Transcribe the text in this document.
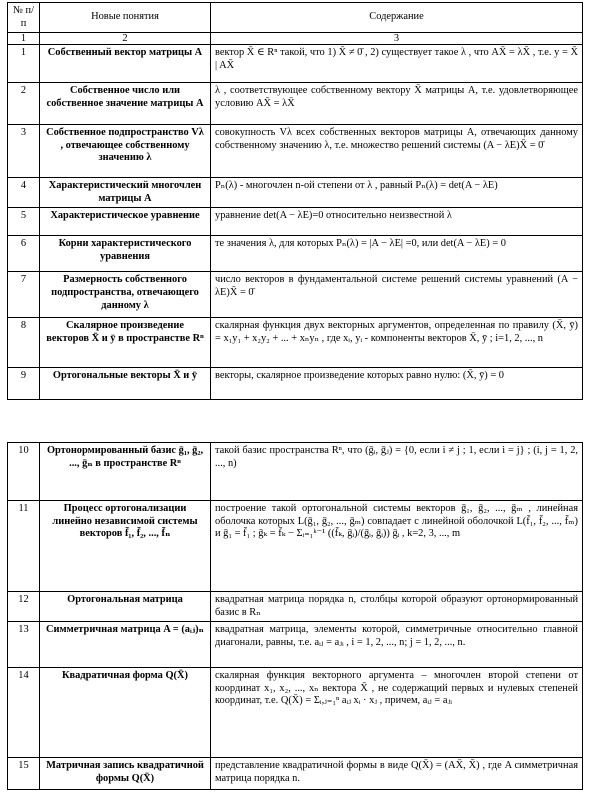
№ п/п	Новые понятия	Содержание
1	2	3
1	Собственный вектор матрицы A	вектор X̄ ∈ Rⁿ такой, что 1) X̄ ≠ 0̄ , 2) существует такое λ , что AX̄ = λX̄ , т.е. y = X̄ | AX̄
2	Собственное число или собственное значение матрицы A	λ , соответствующее собственному вектору X̄ матрицы A, т.е. удовлетворяющее условию AX̄ = λX̄
3	Собственное подпространство Vλ , отвечающее собственному значению λ	совокупность Vλ всех собственных векторов матрицы A, отвечающих данному собственному значению λ, т.е. множество решений системы (A − λE)X̄ = 0̄
4	Характеристический многочлен матрицы A	Pₙ(λ) - многочлен n-ой степени от λ , равный Pₙ(λ) = det(A − λE)
5	Характеристическое уравнение	уравнение det(A − λE)=0 относительно неизвестной λ
6	Корни характеристического уравнения	те значения λ, для которых Pₙ(λ) = |A − λE| =0, или det(A − λE) = 0
7	Размерность собственного подпространства, отвечающего данному λ	число векторов в фундаментальной системе решений системы уравнений (A − λE)X̄ = 0̄
8	Скалярное произведение векторов X̄ и ȳ в пространстве Rⁿ	скалярная функция двух векторных аргументов, определенная по правилу (X̄, ȳ) = x₁y₁ + x₂y₂ + ... + xₙyₙ , где xᵢ, yᵢ - компоненты векторов X̄, ȳ ; i=1, 2, ..., n
9	Ортогональные векторы X̄ и ȳ	векторы, скалярное произведение которых равно нулю: (X̄, ȳ) = 0
10	Ортонормированный базис ḡ₁, ḡ₂, ..., ḡₙ в пространстве Rⁿ	такой базис пространства Rⁿ, что (ḡᵢ, ḡⱼ) = {0, если i ≠ j ; 1, если i = j} ; (i, j = 1, 2, ..., n)
11	Процесс ортогонализации линейно независимой системы векторов f̄₁, f̄₂, ..., f̄ₙ	построение такой ортогональной системы векторов ḡ₁, ḡ₂, ..., ḡₘ , линейная оболочка которых L(ḡ₁, ḡ₂, ..., ḡₘ) совпадает с линейной оболочкой L(f̄₁, f̄₂, ..., f̄ₘ) и ḡ₁ = f̄₁ ; ḡₖ = f̄ₖ − Σᵢ₌₁ᵏ⁻¹ ((f̄ₖ, ḡᵢ)/(ḡᵢ, ḡᵢ)) ḡᵢ , k=2, 3, ..., m
12	Ортогональная матрица	квадратная матрица порядка n, столбцы которой образуют ортонормированный базис в Rₙ
13	Симметричная матрица A = (aᵢⱼ)ₙ	квадратная матрица, элементы которой, симметричные относительно главной диагонали, равны, т.е. aᵢⱼ = aⱼᵢ , i = 1, 2, ..., n; j = 1, 2, ..., n.
14	Квадратичная форма Q(X̄)	скалярная функция векторного аргумента – многочлен второй степени от координат x₁, x₂, ..., xₙ вектора X̄ , не содержащий первых и нулевых степеней координат, т.е. Q(X̄) = Σᵢ,ⱼ₌₁ⁿ aᵢⱼ xᵢ · xⱼ , причем, aᵢⱼ = aⱼᵢ
15	Матричная запись квадратичной формы Q(X̄)	представление квадратичной формы в виде Q(X̄) = (AX̄, X̄) , где A симметричная матрица порядка n.
